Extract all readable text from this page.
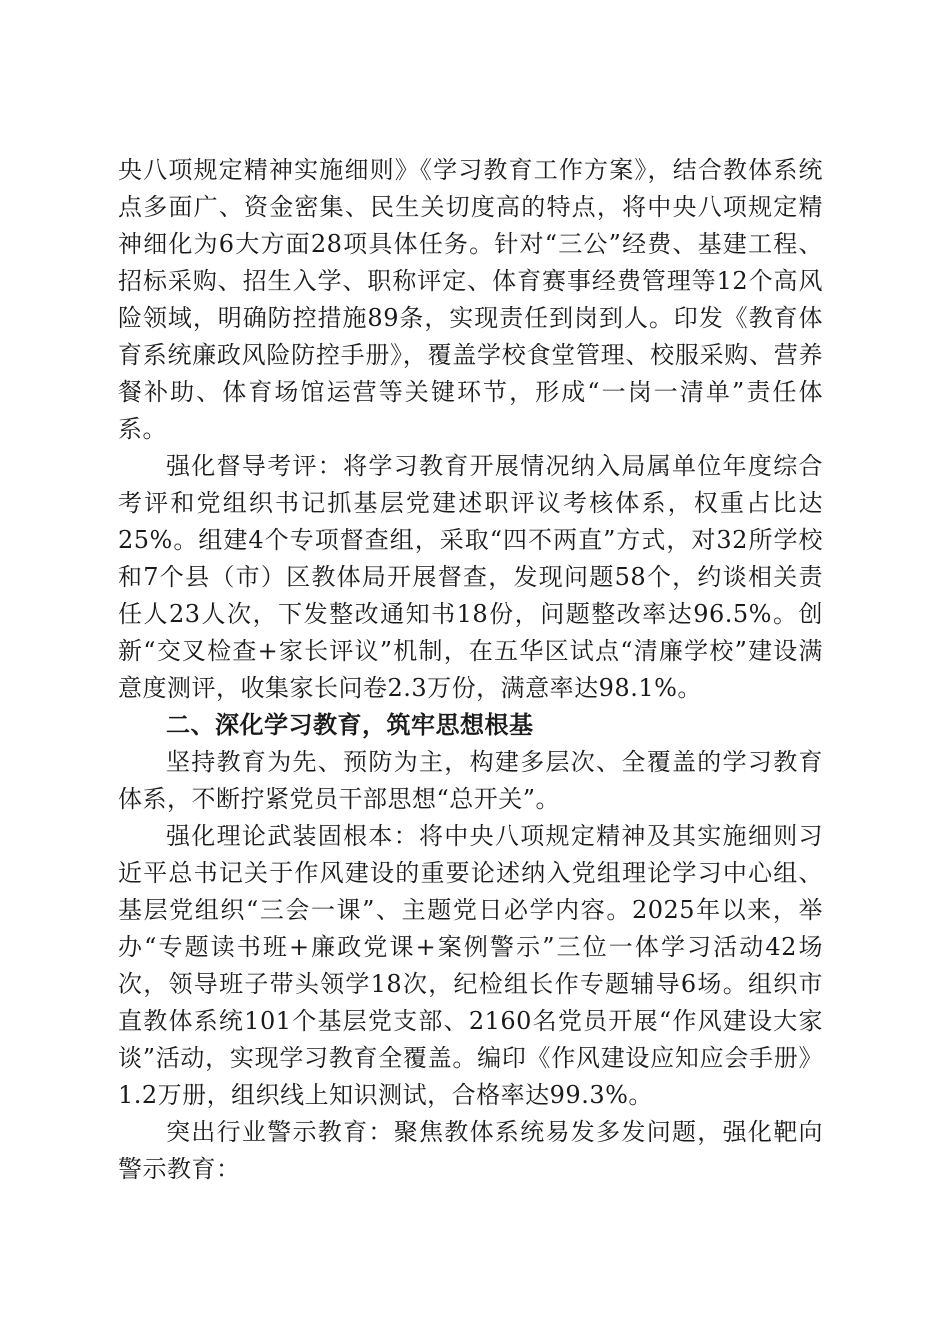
央八项规定精神实施细则》《学习教育工作方案》，结合教体系统点多面广、资金密集、民生关切度高的特点，将中央八项规定精神细化为6大方面28项具体任务。针对“三公”经费、基建工程、招标采购、招生入学、职称评定、体育赛事经费管理等12个高风险领域，明确防控措施89条，实现责任到岗到人。印发《教育体育系统廉政风险防控手册》，覆盖学校食堂管理、校服采购、营养餐补助、体育场馆运营等关键环节，形成“一岗一清单”责任体系。

强化督导考评：将学习教育开展情况纳入局属单位年度综合考评和党组织书记抓基层党建述职评议考核体系，权重占比达25%。组建4个专项督查组，采取“四不两直”方式，对32所学校和7个县（市）区教体局开展督查，发现问题58个，约谈相关责任人23人次，下发整改通知书18份，问题整改率达96.5%。创新“交叉检查+家长评议”机制，在五华区试点“清廉学校”建设满意度测评，收集家长问卷2.3万份，满意率达98.1%。

二、深化学习教育，筑牢思想根基

坚持教育为先、预防为主，构建多层次、全覆盖的学习教育体系，不断拧紧党员干部思想“总开关”。

强化理论武装固根本：将中央八项规定精神及其实施细则习近平总书记关于作风建设的重要论述纳入党组理论学习中心组、基层党组织“三会一课”、主题党日必学内容。2025年以来，举办“专题读书班+廉政党课+案例警示”三位一体学习活动42场次，领导班子带头领学18次，纪检组长作专题辅导6场。组织市直教体系统101个基层党支部、2160名党员开展“作风建设大家谈”活动，实现学习教育全覆盖。编印《作风建设应知应会手册》1.2万册，组织线上知识测试，合格率达99.3%。

突出行业警示教育：聚焦教体系统易发多发问题，强化靶向警示教育：
